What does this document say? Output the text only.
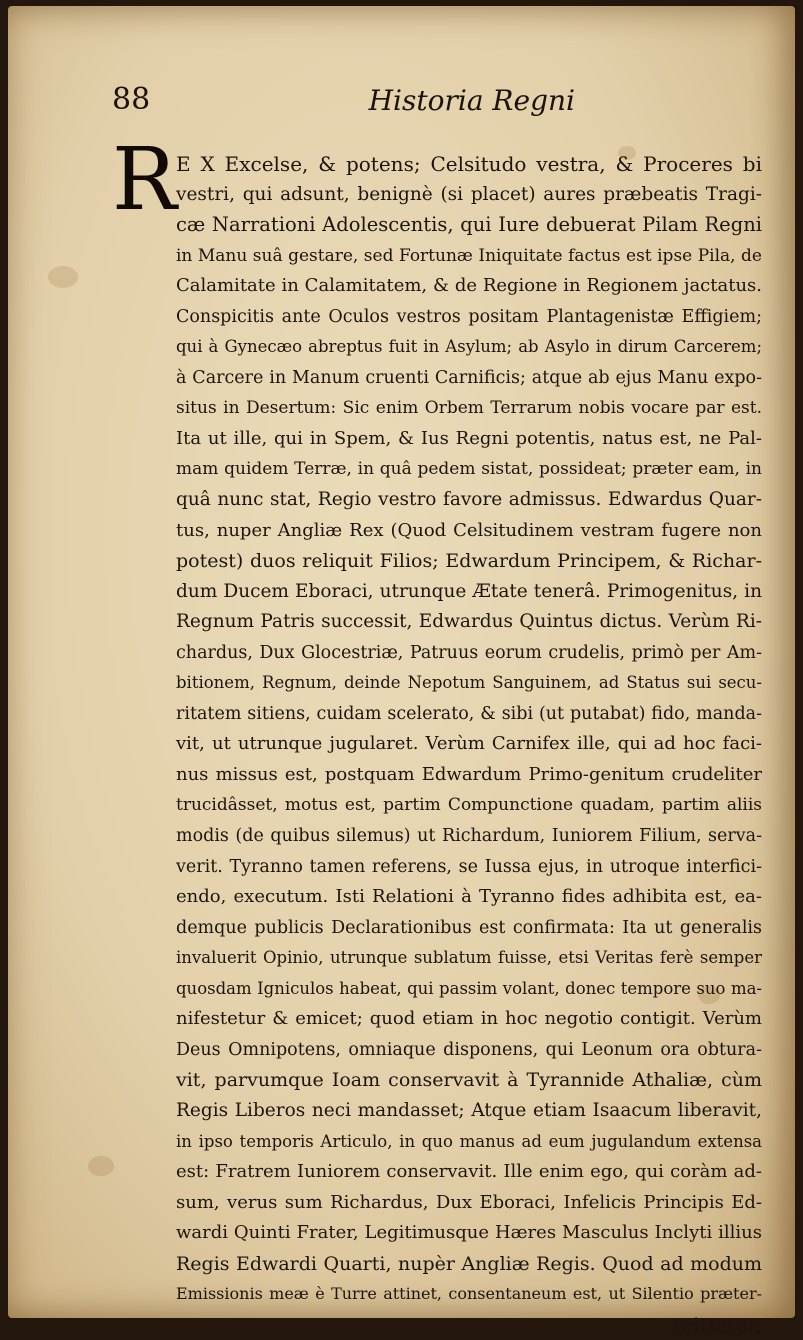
88	Historia Regni
R E X Excelse, & potens; Celsitudo vestra, & Proceres bi
vestri, qui adsunt, benignè (si placet) aures præbeatis Tragi-
cæ Narrationi Adolescentis, qui Iure debuerat Pilam Regni
in Manu suâ gestare, sed Fortunæ Iniquitate factus est ipse Pila, de
Calamitate in Calamitatem, & de Regione in Regionem jactatus.
Conspicitis ante Oculos vestros positam Plantagenistæ Effigiem;
qui à Gynecæo abreptus fuit in Asylum; ab Asylo in dirum Carcerem;
à Carcere in Manum cruenti Carnificis; atque ab ejus Manu expo-
situs in Desertum: Sic enim Orbem Terrarum nobis vocare par est.
Ita ut ille, qui in Spem, & Ius Regni potentis, natus est, ne Pal-
mam quidem Terræ, in quâ pedem sistat, possideat; præter eam, in
quâ nunc stat, Regio vestro favore admissus. Edwardus Quar-
tus, nuper Angliæ Rex (Quod Celsitudinem vestram fugere non
potest) duos reliquit Filios; Edwardum Principem, & Richar-
dum Ducem Eboraci, utrunque Ætate tenerâ. Primogenitus, in
Regnum Patris successit, Edwardus Quintus dictus. Verùm Ri-
chardus, Dux Glocestriæ, Patruus eorum crudelis, primò per Am-
bitionem, Regnum, deinde Nepotum Sanguinem, ad Status sui secu-
ritatem sitiens, cuidam scelerato, & sibi (ut putabat) fido, manda-
vit, ut utrunque jugularet. Verùm Carnifex ille, qui ad hoc faci-
nus missus est, postquam Edwardum Primo-genitum crudeliter
trucidâsset, motus est, partim Compunctione quadam, partim aliis
modis (de quibus silemus) ut Richardum, Iuniorem Filium, serva-
verit. Tyranno tamen referens, se Iussa ejus, in utroque interfici-
endo, executum. Isti Relationi à Tyranno fides adhibita est, ea-
demque publicis Declarationibus est confirmata: Ita ut generalis
invaluerit Opinio, utrunque sublatum fuisse, etsi Veritas ferè semper
quosdam Igniculos habeat, qui passim volant, donec tempore suo ma-
nifestetur & emicet; quod etiam in hoc negotio contigit. Verùm
Deus Omnipotens, omniaque disponens, qui Leonum ora obtura-
vit, parvumque Ioam conservavit à Tyrannide Athaliæ, cùm
Regis Liberos neci mandasset; Atque etiam Isaacum liberavit,
in ipso temporis Articulo, in quo manus ad eum jugulandum extensa
est: Fratrem Iuniorem conservavit. Ille enim ego, qui coràm ad-
sum, verus sum Richardus, Dux Eboraci, Infelicis Principis Ed-
wardi Quinti Frater, Legitimusque Hæres Masculus Inclyti illius
Regis Edwardi Quarti, nupèr Angliæ Regis. Quod ad modum
Emissionis meæ è Turre attinet, consentaneum est, ut Silentio præter-
mittatur,
